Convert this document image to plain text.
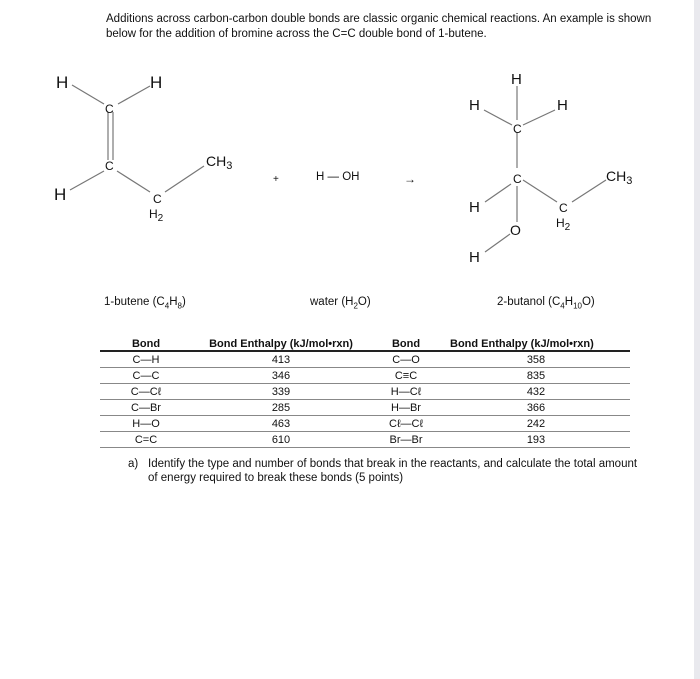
Additions across carbon-carbon double bonds are classic organic chemical reactions. An example is shown below for the addition of bromine across the C=C double bond of 1-butene.
H	H
C
C
H	C
$H_2$
$CH_3$
+	H — OH	→
H
H	H
C
C
H
O
H
C
$H_2$
$CH_3$
1-butene $(C_4H_8)$	water $(H_2O)$	2-butanol $(C_4H_{10}O)$
Bond	Bond Enthalpy (kJ/mol•rxn)	Bond	Bond Enthalpy (kJ/mol•rxn)
C—H	413	C—O	358
C—C	346	C≡C	835
C—Cℓ	339	H—Cℓ	432
C—Br	285	H—Br	366
H—O	463	Cℓ—Cℓ	242
C=C	610	Br—Br	193
a) Identify the type and number of bonds that break in the reactants, and calculate the total amount of energy required to break these bonds (5 points)
